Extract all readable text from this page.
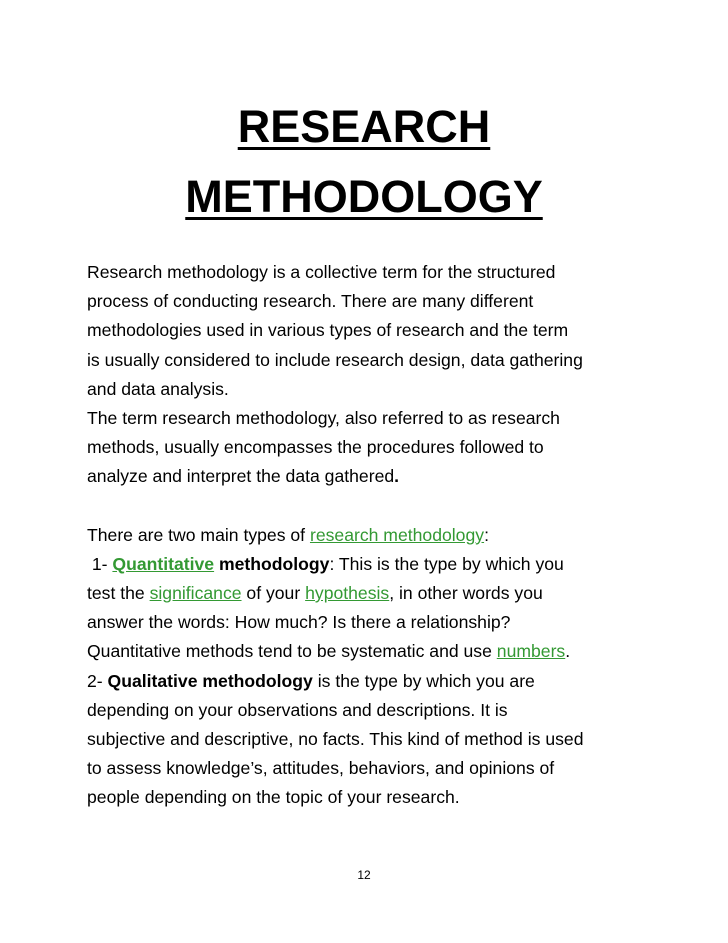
RESEARCH
METHODOLOGY
Research methodology is a collective term for the structured
process of conducting research. There are many different
methodologies used in various types of research and the term
is usually considered to include research design, data gathering
and data analysis.
The term research methodology, also referred to as research
methods, usually encompasses the procedures followed to
analyze and interpret the data gathered.
There are two main types of research methodology:
1- Quantitative methodology: This is the type by which you
test the significance of your hypothesis, in other words you
answer the words: How much? Is there a relationship?
Quantitative methods tend to be systematic and use numbers.
2- Qualitative methodology is the type by which you are
depending on your observations and descriptions. It is
subjective and descriptive, no facts. This kind of method is used
to assess knowledge’s, attitudes, behaviors, and opinions of
people depending on the topic of your research.
12
